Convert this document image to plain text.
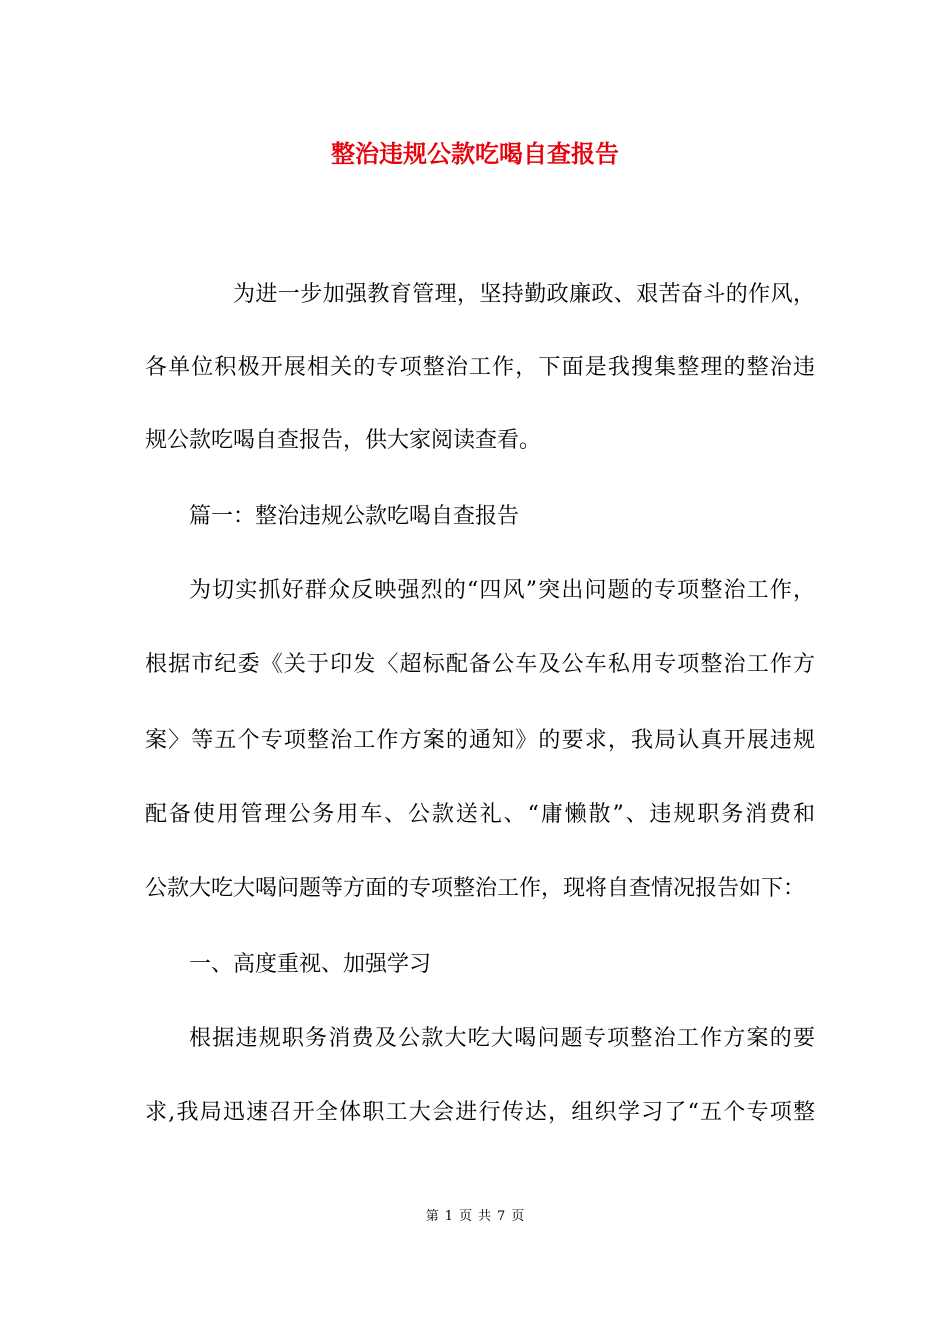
整治违规公款吃喝自查报告
为进一步加强教育管理，坚持勤政廉政、艰苦奋斗的作风，
各单位积极开展相关的专项整治工作，下面是我搜集整理的整治违
规公款吃喝自查报告，供大家阅读查看。
篇一：整治违规公款吃喝自查报告
为切实抓好群众反映强烈的“四风”突出问题的专项整治工作，
根据市纪委《关于印发〈超标配备公车及公车私用专项整治工作方
案〉等五个专项整治工作方案的通知》的要求，我局认真开展违规
配备使用管理公务用车、公款送礼、“庸懒散”、违规职务消费和
公款大吃大喝问题等方面的专项整治工作，现将自查情况报告如下：
一、高度重视、加强学习
根据违规职务消费及公款大吃大喝问题专项整治工作方案的要
求,我局迅速召开全体职工大会进行传达，组织学习了“五个专项整
第 1 页 共 7 页
